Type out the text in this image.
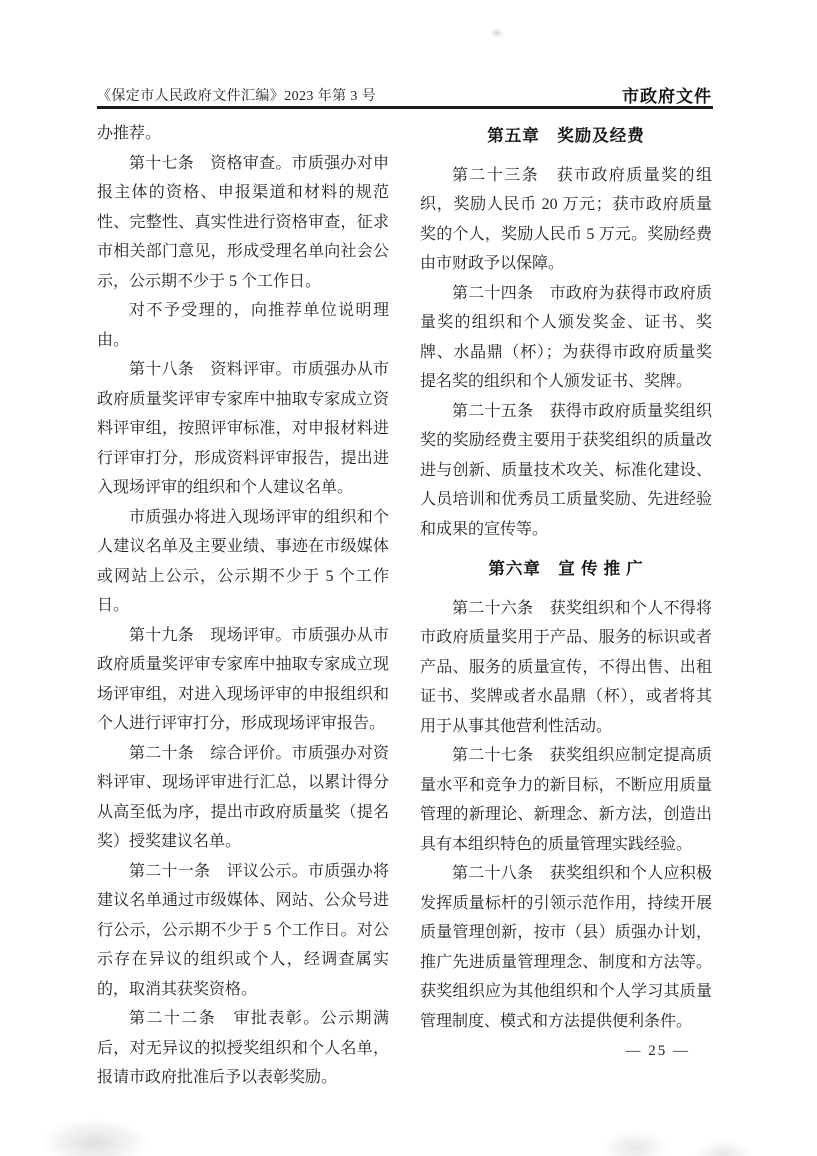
《保定市人民政府文件汇编》2023 年第 3 号	市政府文件

办推荐。

第十七条　资格审查。市质强办对申报主体的资格、申报渠道和材料的规范性、完整性、真实性进行资格审查，征求市相关部门意见，形成受理名单向社会公示，公示期不少于 5 个工作日。

对不予受理的，向推荐单位说明理由。

第十八条　资料评审。市质强办从市政府质量奖评审专家库中抽取专家成立资料评审组，按照评审标准，对申报材料进行评审打分，形成资料评审报告，提出进入现场评审的组织和个人建议名单。

市质强办将进入现场评审的组织和个人建议名单及主要业绩、事迹在市级媒体或网站上公示，公示期不少于 5 个工作日。

第十九条　现场评审。市质强办从市政府质量奖评审专家库中抽取专家成立现场评审组，对进入现场评审的申报组织和个人进行评审打分，形成现场评审报告。

第二十条　综合评价。市质强办对资料评审、现场评审进行汇总，以累计得分从高至低为序，提出市政府质量奖（提名奖）授奖建议名单。

第二十一条　评议公示。市质强办将建议名单通过市级媒体、网站、公众号进行公示，公示期不少于 5 个工作日。对公示存在异议的组织或个人，经调查属实的，取消其获奖资格。

第二十二条　审批表彰。公示期满后，对无异议的拟授奖组织和个人名单，报请市政府批准后予以表彰奖励。

第五章　奖励及经费

第二十三条　获市政府质量奖的组织，奖励人民币 20 万元；获市政府质量奖的个人，奖励人民币 5 万元。奖励经费由市财政予以保障。

第二十四条　市政府为获得市政府质量奖的组织和个人颁发奖金、证书、奖牌、水晶鼎（杯）；为获得市政府质量奖提名奖的组织和个人颁发证书、奖牌。

第二十五条　获得市政府质量奖组织奖的奖励经费主要用于获奖组织的质量改进与创新、质量技术攻关、标准化建设、人员培训和优秀员工质量奖励、先进经验和成果的宣传等。

第六章　宣 传 推 广

第二十六条　获奖组织和个人不得将市政府质量奖用于产品、服务的标识或者产品、服务的质量宣传，不得出售、出租证书、奖牌或者水晶鼎（杯），或者将其用于从事其他营利性活动。

第二十七条　获奖组织应制定提高质量水平和竞争力的新目标，不断应用质量管理的新理论、新理念、新方法，创造出具有本组织特色的质量管理实践经验。

第二十八条　获奖组织和个人应积极发挥质量标杆的引领示范作用，持续开展质量管理创新，按市（县）质强办计划，推广先进质量管理理念、制度和方法等。获奖组织应为其他组织和个人学习其质量管理制度、模式和方法提供便利条件。

— 25 —
